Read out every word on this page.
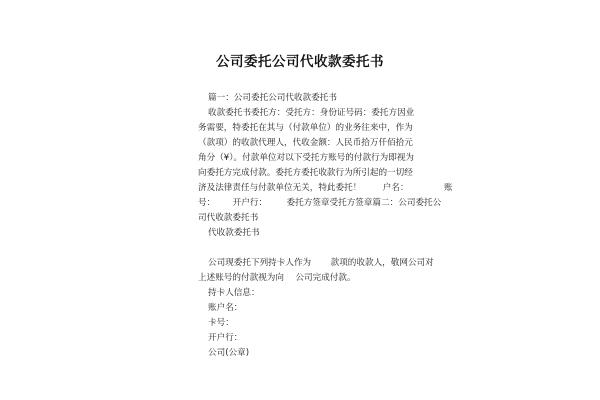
公司委托公司代收款委托书
篇一：公司委托公司代收款委托书
收款委托书委托方：受托方：身份证号码：委托方因业
务需要，特委托在其与（付款单位）的业务往来中，作为
（款项）的收款代理人，代收金额：人民币拾万仟佰拾元
角分（¥）。付款单位对以下受托方账号的付款行为即视为
向委托方完成付款。委托方委托收款行为所引起的一切经
济及法律责任与付款单位无关，特此委托！ 户名：	账
号： 开户行： 委托方签章受托方签章篇二：公司委托公
司代收款委托书
代收款委托书
公司现委托下列持卡人作为 款项的收款人，敬网公司对
上述账号的付款视为向 公司完成付款。
持卡人信息：
账户名：
卡号：
开户行：
公司(公章)
